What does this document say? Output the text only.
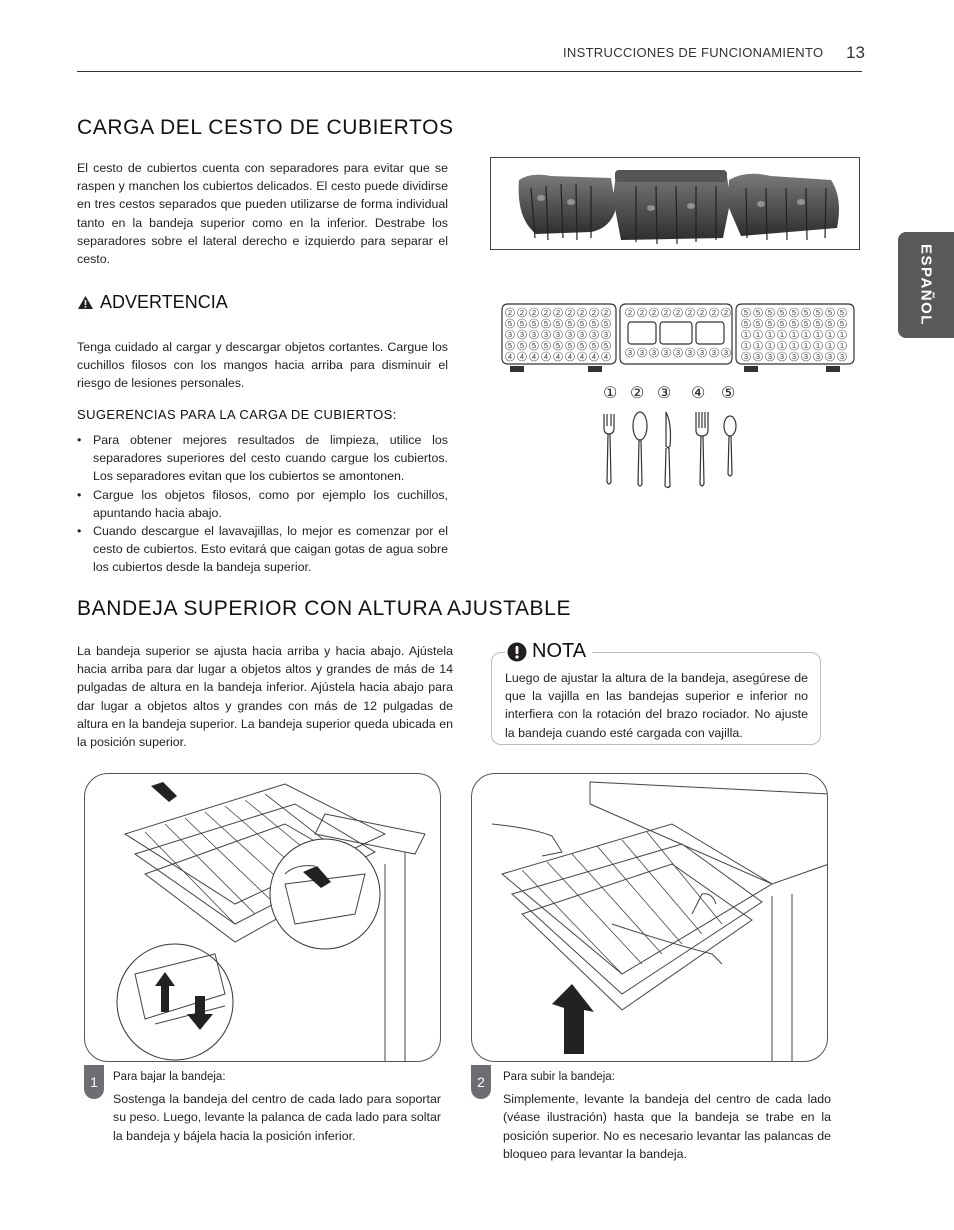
INSTRUCCIONES DE FUNCIONAMIENTO 13
ESPAÑOL
CARGA DEL CESTO DE CUBIERTOS
El cesto de cubiertos cuenta con separadores para evitar que se raspen y manchen los cubiertos delicados. El cesto puede dividirse en tres cestos separados que pueden utilizarse de forma individual tanto en la bandeja superior como en la inferior. Destrabe los separadores sobre el lateral derecho e izquierdo para separar el cesto.
ADVERTENCIA
Tenga cuidado al cargar y descargar objetos cortantes. Cargue los cuchillos filosos con los mangos hacia arriba para disminuir el riesgo de lesiones personales.
SUGERENCIAS PARA LA CARGA DE CUBIERTOS:
• Para obtener mejores resultados de limpieza, utilice los separadores superiores del cesto cuando cargue los cubiertos. Los separadores evitan que los cubiertos se amontonen.
• Cargue los objetos filosos, como por ejemplo los cuchillos, apuntando hacia abajo.
• Cuando descargue el lavavajillas, lo mejor es comenzar por el cesto de cubiertos. Esto evitará que caigan gotas de agua sobre los cubiertos desde la bandeja superior.
2 2 2 2 2 2 2 2 2
5 5 5 5 5 5 5 5 5
3 3 3 3 3 3 3 3 3
5 5 5 5 5 5 5 5 5
4 4 4 4 4 4 4 4 4
2 2 2 2 2 2 2 2 2
3 3 3 3 3 3 3 3 3
5 5 5 5 5 5 5 5 5
5 5 5 5 5 5 5 5 5
1 1 1 1 1 1 1 1 1
1 1 1 1 1 1 1 1 1
3 3 3 3 3 3 3 3 3
① ② ③ ④ ⑤
BANDEJA SUPERIOR CON ALTURA AJUSTABLE
La bandeja superior se ajusta hacia arriba y hacia abajo. Ajústela hacia arriba para dar lugar a objetos altos y grandes de más de 14 pulgadas de altura en la bandeja inferior. Ajústela hacia abajo para dar lugar a objetos altos y grandes con más de 12 pulgadas de altura en la bandeja superior. La bandeja superior queda ubicada en la posición superior.
NOTA
Luego de ajustar la altura de la bandeja, asegúrese de que la vajilla en las bandejas superior e inferior no interfiera con la rotación del brazo rociador. No ajuste la bandeja cuando esté cargada con vajilla.
1	Para bajar la bandeja:
Sostenga la bandeja del centro de cada lado para soportar su peso. Luego, levante la palanca de cada lado para soltar la bandeja y bájela hacia la posición inferior.
2	Para subir la bandeja:
Simplemente, levante la bandeja del centro de cada lado (véase ilustración) hasta que la bandeja se trabe en la posición superior. No es necesario levantar las palancas de bloqueo para levantar la bandeja.
